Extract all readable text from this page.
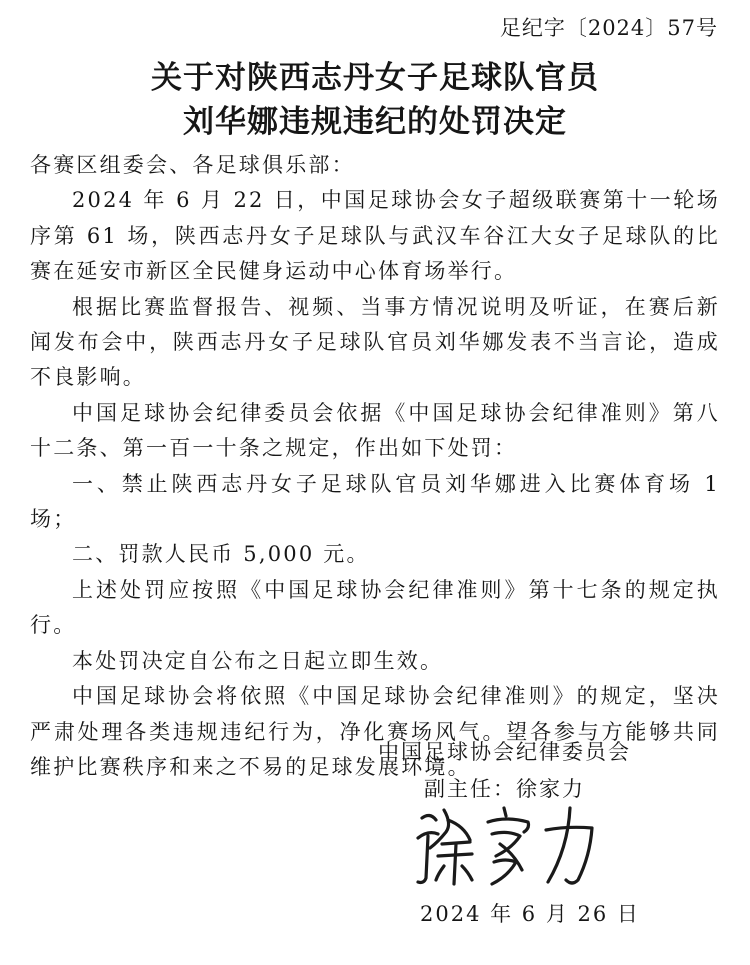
足纪字〔2024〕57号
关于对陕西志丹女子足球队官员
刘华娜违规违纪的处罚决定

各赛区组委会、各足球俱乐部：

2024 年 6 月 22 日，中国足球协会女子超级联赛第十一轮场序第 61 场，陕西志丹女子足球队与武汉车谷江大女子足球队的比赛在延安市新区全民健身运动中心体育场举行。

根据比赛监督报告、视频、当事方情况说明及听证，在赛后新闻发布会中，陕西志丹女子足球队官员刘华娜发表不当言论，造成不良影响。

中国足球协会纪律委员会依据《中国足球协会纪律准则》第八十二条、第一百一十条之规定，作出如下处罚：

一、禁止陕西志丹女子足球队官员刘华娜进入比赛体育场 1 场；

二、罚款人民币 5,000 元。

上述处罚应按照《中国足球协会纪律准则》第十七条的规定执行。

本处罚决定自公布之日起立即生效。

中国足球协会将依照《中国足球协会纪律准则》的规定，坚决严肃处理各类违规违纪行为，净化赛场风气。望各参与方能够共同维护比赛秩序和来之不易的足球发展环境。

中国足球协会纪律委员会
副主任：徐家力
2024 年 6 月 26 日
